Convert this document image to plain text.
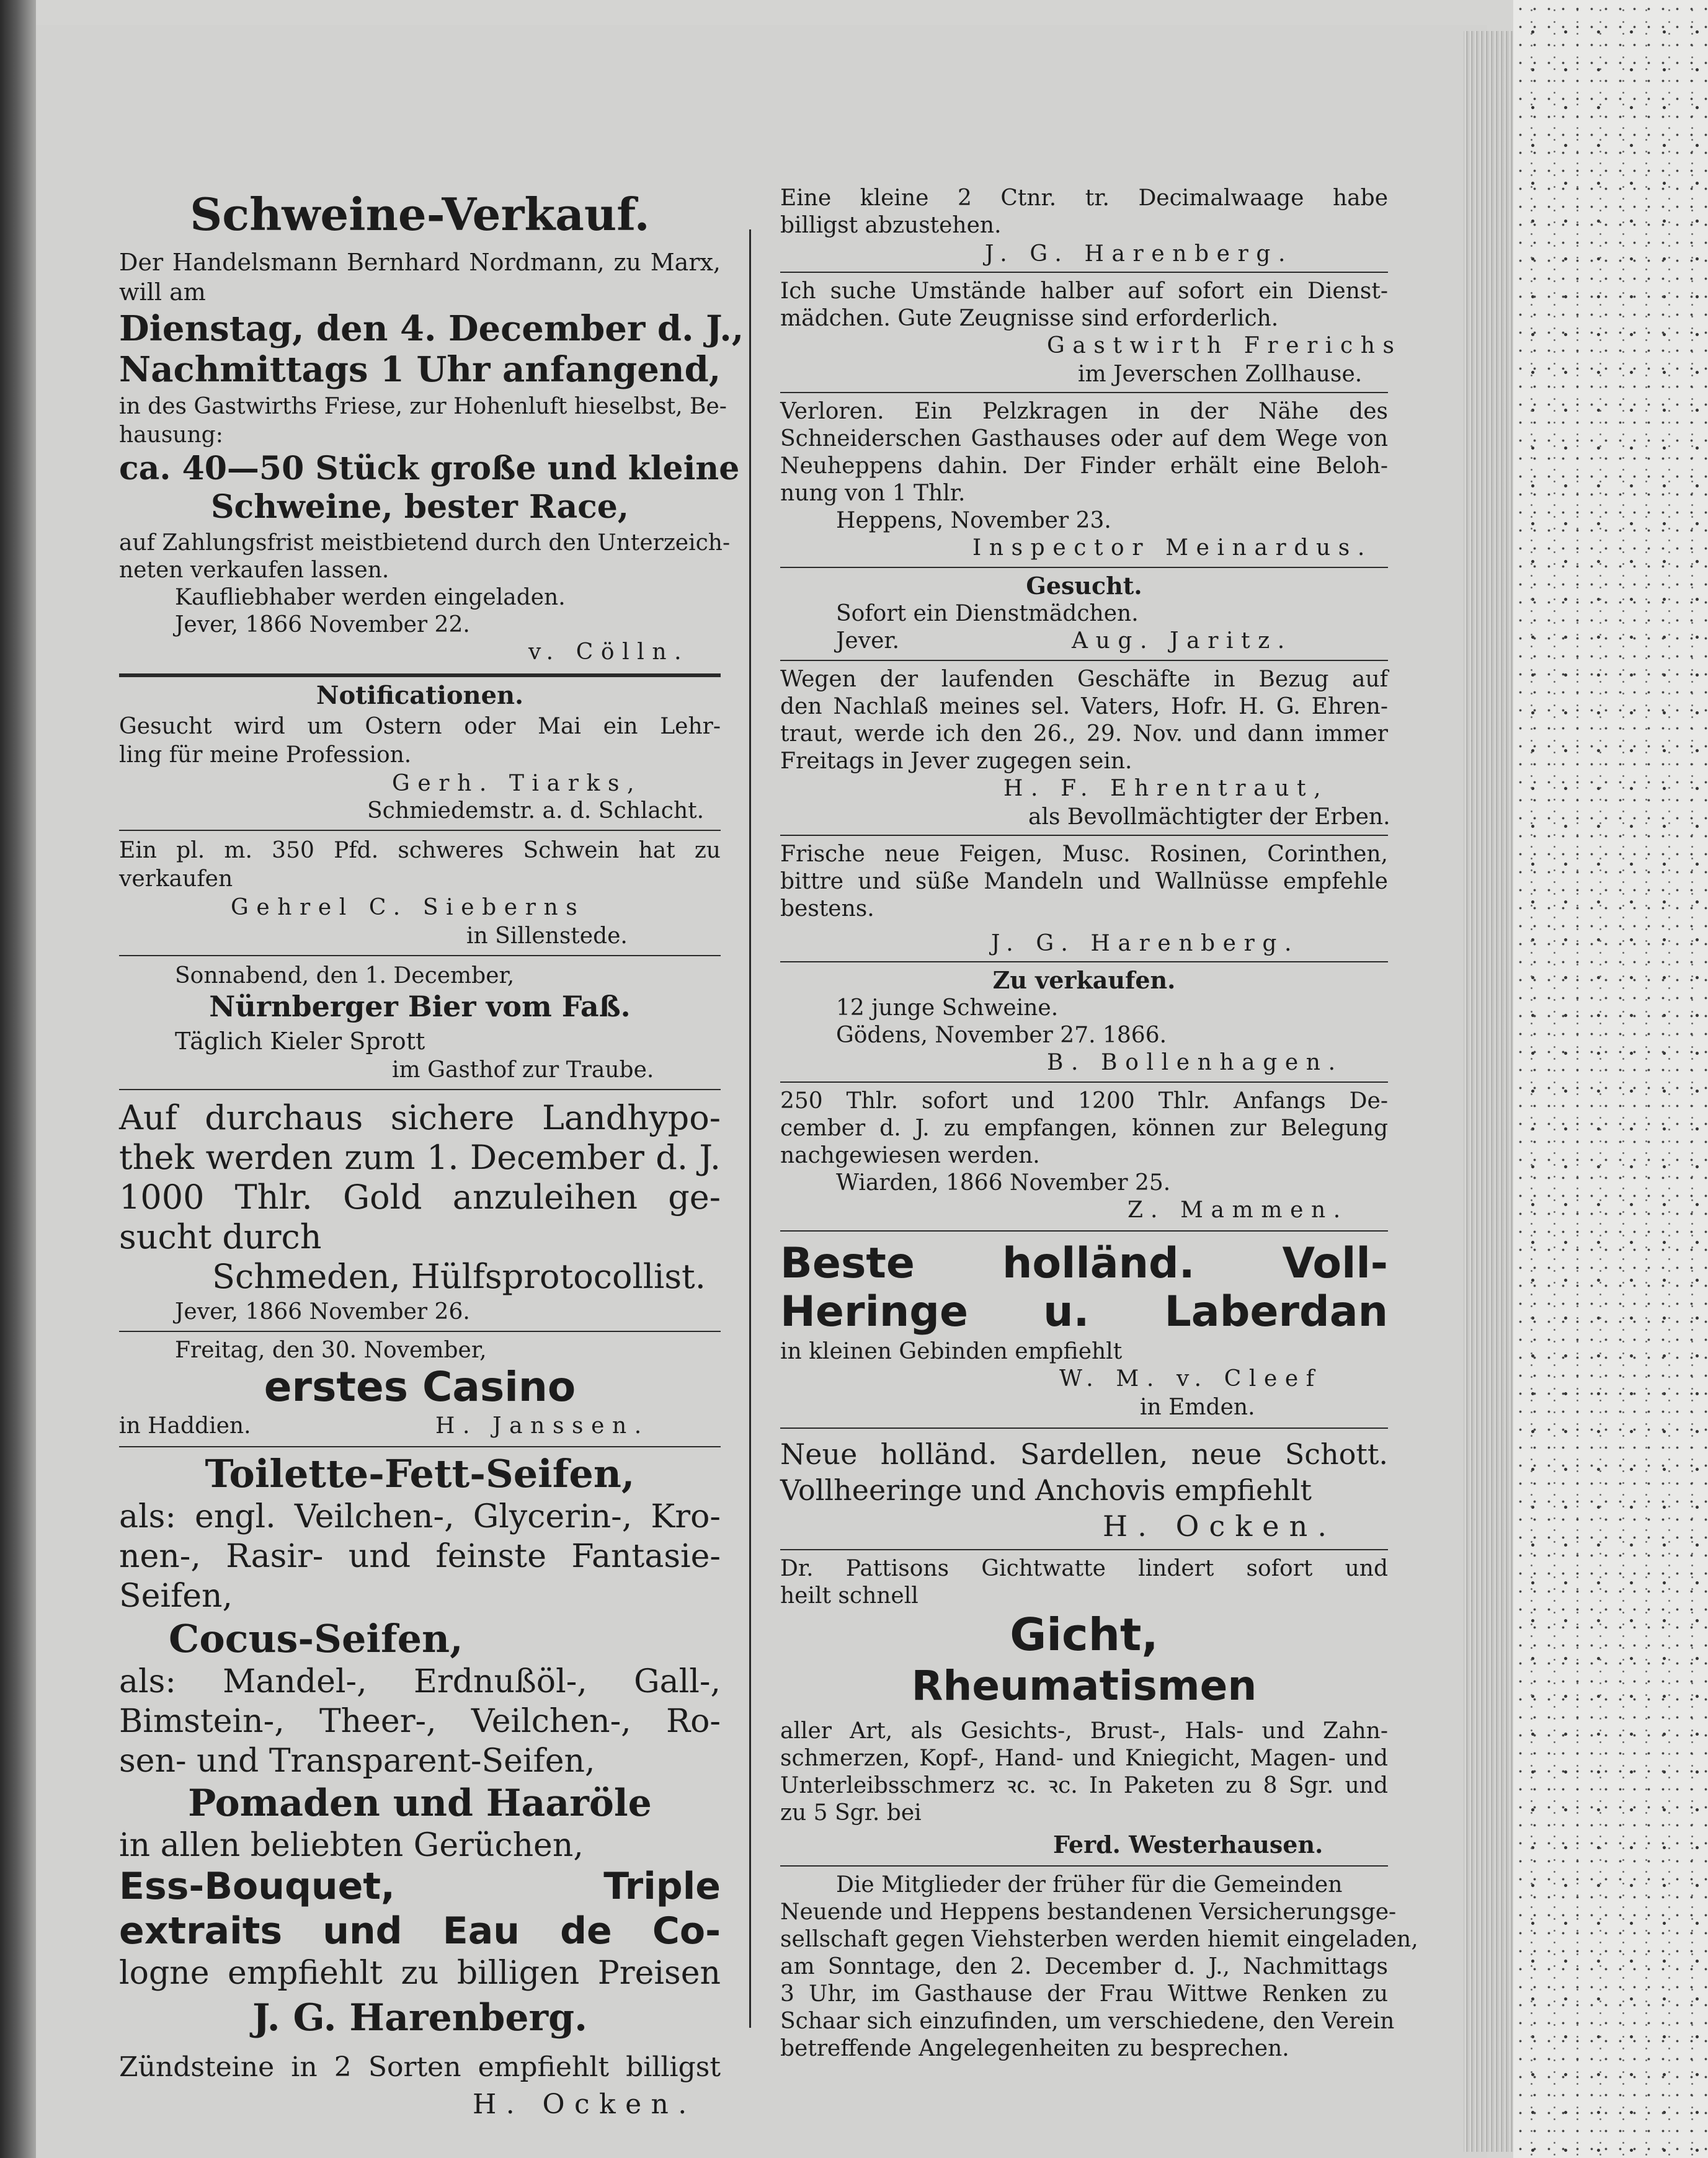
Schweine-Verkauf.
Der Handelsmann Bernhard Nordmann, zu Marx,
will am
Dienstag, den 4. December d. J.,
Nachmittags 1 Uhr anfangend,
in des Gastwirths Friese, zur Hohenluft hieselbst, Be-
hausung:
ca. 40—50 Stück große und kleine
Schweine, bester Race,
auf Zahlungsfrist meistbietend durch den Unterzeich-
neten verkaufen lassen.
Kaufliebhaber werden eingeladen.
Jever, 1866 November 22.
v. Cölln.
Notificationen.
Gesucht wird um Ostern oder Mai ein Lehr-
ling für meine Profession.
Gerh. Tiarks,
Schmiedemstr. a. d. Schlacht.
Ein pl. m. 350 Pfd. schweres Schwein hat zu
verkaufen
Gehrel C. Sieberns
in Sillenstede.
Sonnabend, den 1. December,
Nürnberger Bier vom Faß.
Täglich Kieler Sprott
im Gasthof zur Traube.
Auf durchaus sichere Landhypo-
thek werden zum 1. December d. J.
1000 Thlr. Gold anzuleihen ge-
sucht durch
Schmeden, Hülfsprotocollist.
Jever, 1866 November 26.
Freitag, den 30. November,
erstes Casino
in Haddien.	H. Janssen.
Toilette-Fett-Seifen,
als: engl. Veilchen-, Glycerin-, Kro-
nen-, Rasir- und feinste Fantasie-
Seifen,
Cocus-Seifen,
als: Mandel-, Erdnußöl-, Gall-,
Bimstein-, Theer-, Veilchen-, Ro-
sen- und Transparent-Seifen,
Pomaden und Haaröle
in allen beliebten Gerüchen,
Ess-Bouquet, Triple
extraits und Eau de Co-
logne empfiehlt zu billigen Preisen
J. G. Harenberg.
Zündsteine in 2 Sorten empfiehlt billigst
H. Ocken.
Eine kleine 2 Ctnr. tr. Decimalwaage habe
billigst abzustehen.
J. G. Harenberg.
Ich suche Umstände halber auf sofort ein Dienst-
mädchen. Gute Zeugnisse sind erforderlich.
Gastwirth Frerichs
im Jeverschen Zollhause.
Verloren. Ein Pelzkragen in der Nähe des
Schneiderschen Gasthauses oder auf dem Wege von
Neuheppens dahin. Der Finder erhält eine Beloh-
nung von 1 Thlr.
Heppens, November 23.
Inspector Meinardus.
Gesucht.
Sofort ein Dienstmädchen.
Jever.	Aug. Jaritz.
Wegen der laufenden Geschäfte in Bezug auf
den Nachlaß meines sel. Vaters, Hofr. H. G. Ehren-
traut, werde ich den 26., 29. Nov. und dann immer
Freitags in Jever zugegen sein.
H. F. Ehrentraut,
als Bevollmächtigter der Erben.
Frische neue Feigen, Musc. Rosinen, Corinthen,
bittre und süße Mandeln und Wallnüsse empfehle
bestens.
J. G. Harenberg.
Zu verkaufen.
12 junge Schweine.
Gödens, November 27. 1866.
B. Bollenhagen.
250 Thlr. sofort und 1200 Thlr. Anfangs De-
cember d. J. zu empfangen, können zur Belegung
nachgewiesen werden.
Wiarden, 1866 November 25.
Z. Mammen.
Beste holländ. Voll-
Heringe u. Laberdan
in kleinen Gebinden empfiehlt
W. M. v. Cleef
in Emden.
Neue holländ. Sardellen, neue Schott.
Vollheeringe und Anchovis empfiehlt
H. Ocken.
Dr. Pattisons Gichtwatte lindert sofort und
heilt schnell
Gicht,
Rheumatismen
aller Art, als Gesichts-, Brust-, Hals- und Zahn-
schmerzen, Kopf-, Hand- und Kniegicht, Magen- und
Unterleibsschmerz ꝛc. ꝛc. In Paketen zu 8 Sgr. und
zu 5 Sgr. bei
Ferd. Westerhausen.
Die Mitglieder der früher für die Gemeinden
Neuende und Heppens bestandenen Versicherungsge-
sellschaft gegen Viehsterben werden hiemit eingeladen,
am Sonntage, den 2. December d. J., Nachmittags
3 Uhr, im Gasthause der Frau Wittwe Renken zu
Schaar sich einzufinden, um verschiedene, den Verein
betreffende Angelegenheiten zu besprechen.
